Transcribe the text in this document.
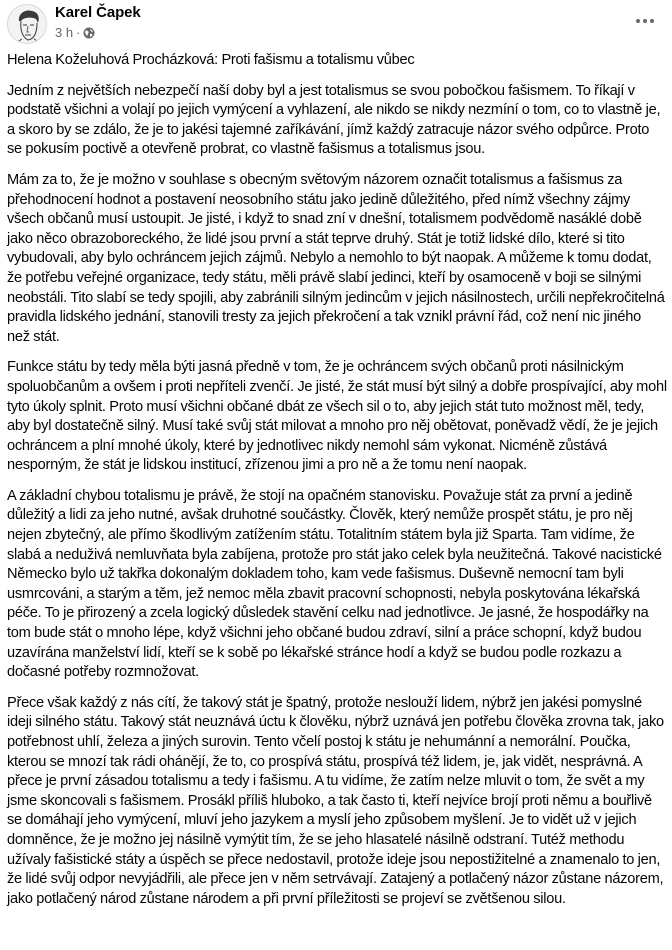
Karel Čapek
3 h ·

Helena Koželuhová Procházková: Proti fašismu a totalismu vůbec

Jedním z největších nebezpečí naší doby byl a jest totalismus se svou pobočkou fašismem. To říkají v podstatě všichni a volají po jejich vymýcení a vyhlazení, ale nikdo se nikdy nezmíní o tom, co to vlastně je, a skoro by se zdálo, že je to jakési tajemné zaříkávání, jímž každý zatracuje názor svého odpůrce. Proto se pokusím poctivě a otevřeně probrat, co vlastně fašismus a totalismus jsou.

Mám za to, že je možno v souhlase s obecným světovým názorem označit totalismus a fašismus za přehodnocení hodnot a postavení neosobního státu jako jedině důležitého, před nímž všechny zájmy všech občanů musí ustoupit. Je jisté, i když to snad zní v dnešní, totalismem podvědomě nasáklé době jako něco obrazoboreckého, že lidé jsou první a stát teprve druhý. Stát je totiž lidské dílo, které si tito vybudovali, aby bylo ochráncem jejich zájmů. Nebylo a nemohlo to být naopak. A můžeme k tomu dodat, že potřebu veřejné organizace, tedy státu, měli právě slabí jedinci, kteří by osamoceně v boji se silnými neobstáli. Tito slabí se tedy spojili, aby zabránili silným jedincům v jejich násilnostech, určili nepřekročitelná pravidla lidského jednání, stanovili tresty za jejich překročení a tak vznikl právní řád, což není nic jiného než stát.

Funkce státu by tedy měla býti jasná předně v tom, že je ochráncem svých občanů proti násilnickým spoluobčanům a ovšem i proti nepříteli zvenčí. Je jisté, že stát musí být silný a dobře prospívající, aby mohl tyto úkoly splnit. Proto musí všichni občané dbát ze všech sil o to, aby jejich stát tuto možnost měl, tedy, aby byl dostatečně silný. Musí také svůj stát milovat a mnoho pro něj obětovat, poněvadž vědí, že je jejich ochráncem a plní mnohé úkoly, které by jednotlivec nikdy nemohl sám vykonat. Nicméně zůstává nesporným, že stát je lidskou institucí, zřízenou jimi a pro ně a že tomu není naopak.

A základní chybou totalismu je právě, že stojí na opačném stanovisku. Považuje stát za první a jedině důležitý a lidi za jeho nutné, avšak druhotné součástky. Člověk, který nemůže prospět státu, je pro něj nejen zbytečný, ale přímo škodlivým zatížením státu. Totalitním státem byla již Sparta. Tam vidíme, že slabá a neduživá nemluvňata byla zabíjena, protože pro stát jako celek byla neužitečná. Takové nacistické Německo bylo už takřka dokonalým dokladem toho, kam vede fašismus. Duševně nemocní tam byli usmrcováni, a starým a těm, jež nemoc měla zbavit pracovní schopnosti, nebyla poskytována lékařská péče. To je přirozený a zcela logický důsledek stavění celku nad jednotlivce. Je jasné, že hospodářky na tom bude stát o mnoho lépe, když všichni jeho občané budou zdraví, silní a práce schopní, když budou uzavírána manželství lidí, kteří se k sobě po lékařské stránce hodí a když se budou podle rozkazu a dočasné potřeby rozmnožovat.

Přece však každý z nás cítí, že takový stát je špatný, protože neslouží lidem, nýbrž jen jakési pomyslné ideji silného státu. Takový stát neuznává úctu k člověku, nýbrž uznává jen potřebu člověka zrovna tak, jako potřebnost uhlí, železa a jiných surovin. Tento včelí postoj k státu je nehumánní a nemorální. Poučka, kterou se mnozí tak rádi ohánějí, že to, co prospívá státu, prospívá též lidem, je, jak vidět, nesprávná. A přece je první zásadou totalismu a tedy i fašismu. A tu vidíme, že zatím nelze mluvit o tom, že svět a my jsme skoncovali s fašismem. Prosákl příliš hluboko, a tak často ti, kteří nejvíce brojí proti němu a bouřlivě se domáhají jeho vymýcení, mluví jeho jazykem a myslí jeho způsobem myšlení. Je to vidět už v jejich domněnce, že je možno jej násilně vymýtit tím, že se jeho hlasatelé násilně odstraní. Tutéž methodu užívaly fašistické státy a úspěch se přece nedostavil, protože ideje jsou nepostižitelné a znamenalo to jen, že lidé svůj odpor nevyjádřili, ale přece jen v něm setrvávají. Zatajený a potlačený názor zůstane názorem, jako potlačený národ zůstane národem a při první příležitosti se projeví se zvětšenou silou.
